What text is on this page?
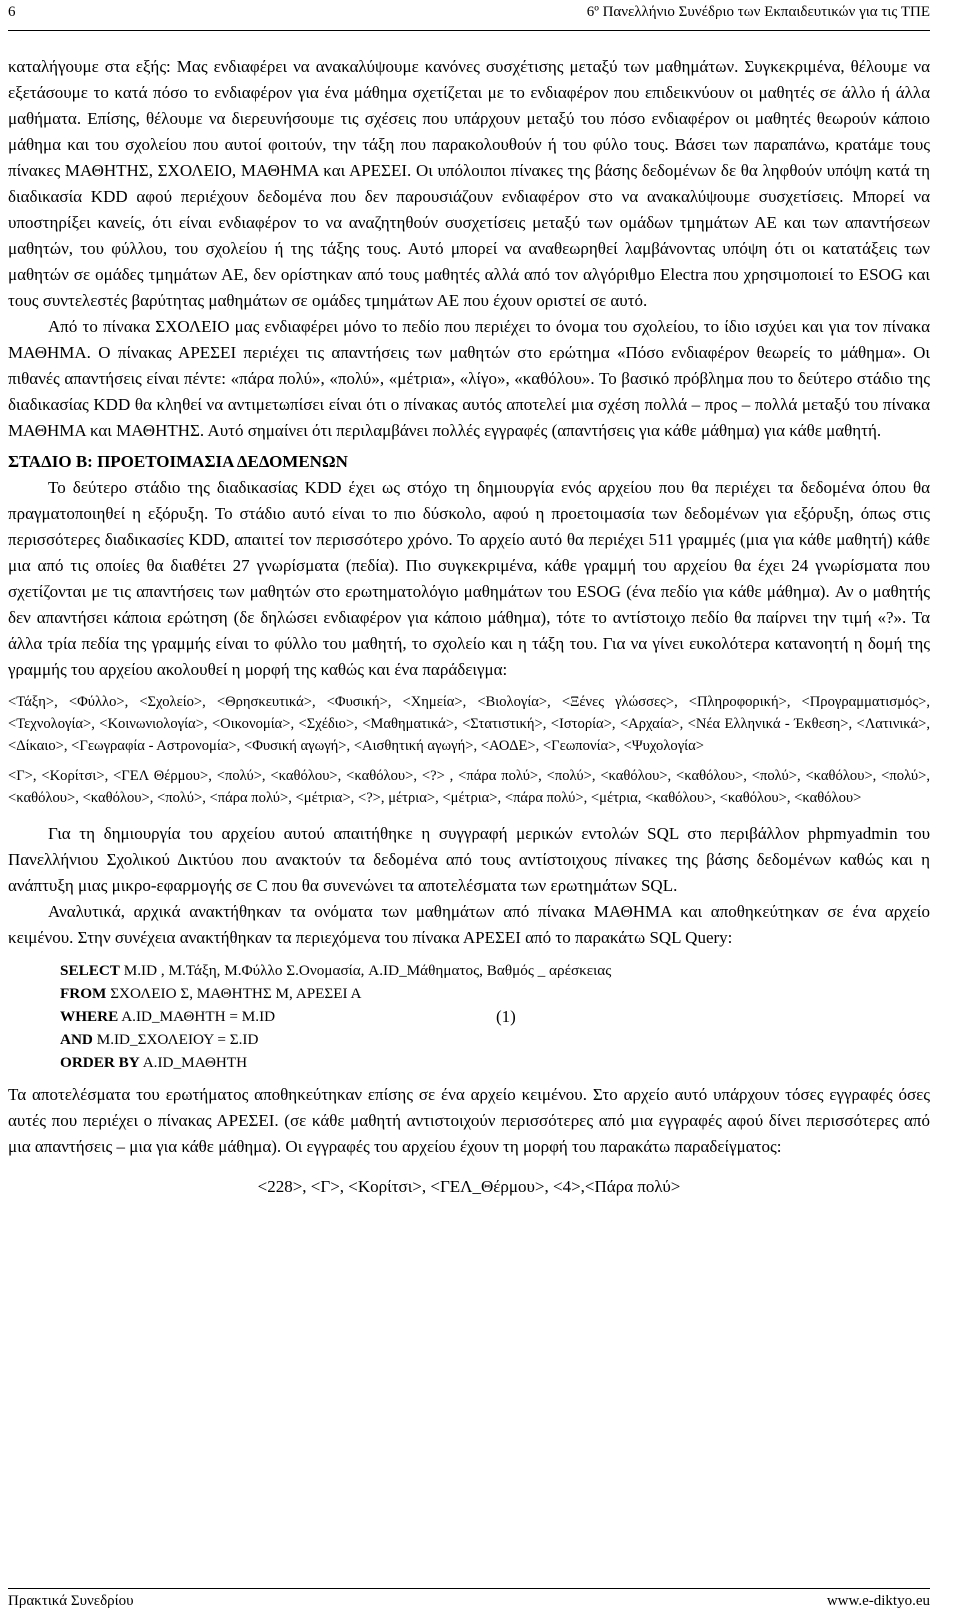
6	6º Πανελλήνιο Συνέδριο των Εκπαιδευτικών για τις ΤΠΕ

καταλήγουμε στα εξής: Μας ενδιαφέρει να ανακαλύψουμε κανόνες συσχέτισης μεταξύ των μαθημάτων. Συγκεκριμένα, θέλουμε να εξετάσουμε το κατά πόσο το ενδιαφέρον για ένα μάθημα σχετίζεται με το ενδιαφέρον που επιδεικνύουν οι μαθητές σε άλλο ή άλλα μαθήματα. Επίσης, θέλουμε να διερευνήσουμε τις σχέσεις που υπάρχουν μεταξύ του πόσο ενδιαφέρον οι μαθητές θεωρούν κάποιο μάθημα και του σχολείου που αυτοί φοιτούν, την τάξη που παρακολουθούν ή του φύλο τους. Βάσει των παραπάνω, κρατάμε τους πίνακες ΜΑΘΗΤΗΣ, ΣΧΟΛΕΙΟ, ΜΑΘΗΜΑ και ΑΡΕΣΕΙ. Οι υπόλοιποι πίνακες της βάσης δεδομένων δε θα ληφθούν υπόψη κατά τη διαδικασία KDD αφού περιέχουν δεδομένα που δεν παρουσιάζουν ενδιαφέρον στο να ανακαλύψουμε συσχετίσεις. Μπορεί να υποστηρίξει κανείς, ότι είναι ενδιαφέρον το να αναζητηθούν συσχετίσεις μεταξύ των ομάδων τμημάτων ΑΕ και των απαντήσεων μαθητών, του φύλλου, του σχολείου ή της τάξης τους. Αυτό μπορεί να αναθεωρηθεί λαμβάνοντας υπόψη ότι οι κατατάξεις των μαθητών σε ομάδες τμημάτων ΑΕ, δεν ορίστηκαν από τους μαθητές αλλά από τον αλγόριθμο Electra που χρησιμοποιεί το ESOG και τους συντελεστές βαρύτητας μαθημάτων σε ομάδες τμημάτων ΑΕ που έχουν οριστεί σε αυτό.

Από το πίνακα ΣΧΟΛΕΙΟ μας ενδιαφέρει μόνο το πεδίο που περιέχει το όνομα του σχολείου, το ίδιο ισχύει και για τον πίνακα ΜΑΘΗΜΑ. Ο πίνακας ΑΡΕΣΕΙ περιέχει τις απαντήσεις των μαθητών στο ερώτημα «Πόσο ενδιαφέρον θεωρείς το μάθημα». Οι πιθανές απαντήσεις είναι πέντε: «πάρα πολύ», «πολύ», «μέτρια», «λίγο», «καθόλου». Το βασικό πρόβλημα που το δεύτερο στάδιο της διαδικασίας KDD θα κληθεί να αντιμετωπίσει είναι ότι ο πίνακας αυτός αποτελεί μια σχέση πολλά – προς – πολλά μεταξύ του πίνακα ΜΑΘΗΜΑ και ΜΑΘΗΤΗΣ. Αυτό σημαίνει ότι περιλαμβάνει πολλές εγγραφές (απαντήσεις για κάθε μάθημα) για κάθε μαθητή.

ΣΤΑΔΙΟ Β: ΠΡΟΕΤΟΙΜΑΣΙΑ ΔΕΔΟΜΕΝΩΝ

Το δεύτερο στάδιο της διαδικασίας KDD έχει ως στόχο τη δημιουργία ενός αρχείου που θα περιέχει τα δεδομένα όπου θα πραγματοποιηθεί η εξόρυξη. Το στάδιο αυτό είναι το πιο δύσκολο, αφού η προετοιμασία των δεδομένων για εξόρυξη, όπως στις περισσότερες διαδικασίες KDD, απαιτεί τον περισσότερο χρόνο. Το αρχείο αυτό θα περιέχει 511 γραμμές (μια για κάθε μαθητή) κάθε μια από τις οποίες θα διαθέτει 27 γνωρίσματα (πεδία). Πιο συγκεκριμένα, κάθε γραμμή του αρχείου θα έχει 24 γνωρίσματα που σχετίζονται με τις απαντήσεις των μαθητών στο ερωτηματολόγιο μαθημάτων του ESOG (ένα πεδίο για κάθε μάθημα). Αν ο μαθητής δεν απαντήσει κάποια ερώτηση (δε δηλώσει ενδιαφέρον για κάποιο μάθημα), τότε το αντίστοιχο πεδίο θα παίρνει την τιμή «?». Τα άλλα τρία πεδία της γραμμής είναι το φύλλο του μαθητή, το σχολείο και η τάξη του. Για να γίνει ευκολότερα κατανοητή η δομή της γραμμής του αρχείου ακολουθεί η μορφή της καθώς και ένα παράδειγμα:

<Τάξη>, <Φύλλο>, <Σχολείο>, <Θρησκευτικά>, <Φυσική>, <Χημεία>, <Βιολογία>, <Ξένες γλώσσες>, <Πληροφορική>, <Προγραμματισμός>, <Τεχνολογία>, <Κοινωνιολογία>, <Οικονομία>, <Σχέδιο>, <Μαθηματικά>, <Στατιστική>, <Ιστορία>, <Αρχαία>, <Νέα Ελληνικά - Έκθεση>, <Λατινικά>, <Δίκαιο>, <Γεωγραφία - Αστρονομία>, <Φυσική αγωγή>, <Αισθητική αγωγή>, <ΑΟΔΕ>, <Γεωπονία>, <Ψυχολογία>
<Γ>, <Κορίτσι>, <ΓΕΛ Θέρμου>, <πολύ>, <καθόλου>, <καθόλου>, <?> , <πάρα πολύ>, <πολύ>, <καθόλου>, <καθόλου>, <πολύ>, <καθόλου>, <πολύ>, <καθόλου>, <καθόλου>, <πολύ>, <πάρα πολύ>, <μέτρια>, <?>, μέτρια>, <μέτρια>, <πάρα πολύ>, <μέτρια, <καθόλου>, <καθόλου>, <καθόλου>

Για τη δημιουργία του αρχείου αυτού απαιτήθηκε η συγγραφή μερικών εντολών SQL στο περιβάλλον phpmyadmin του Πανελλήνιου Σχολικού Δικτύου που ανακτούν τα δεδομένα από τους αντίστοιχους πίνακες της βάσης δεδομένων καθώς και η ανάπτυξη μιας μικρο-εφαρμογής σε C που θα συνενώνει τα αποτελέσματα των ερωτημάτων SQL.

Αναλυτικά, αρχικά ανακτήθηκαν τα ονόματα των μαθημάτων από πίνακα ΜΑΘΗΜΑ και αποθηκεύτηκαν σε ένα αρχείο κειμένου. Στην συνέχεια ανακτήθηκαν τα περιεχόμενα του πίνακα ΑΡΕΣΕΙ από το παρακάτω SQL Query:

SELECT M.ID , M.Τάξη, M.Φύλλο Σ.Ονομασία, A.ID_Μάθηματος, Βαθμός _ αρέσκειας
FROM ΣΧΟΛΕΙΟ Σ, ΜΑΘΗΤΗΣ Μ, ΑΡΕΣΕΙ Α
WHERE A.ID_ΜΑΘΗΤΗ = M.ID
AND M.ID_ΣΧΟΛΕΙΟΥ = Σ.ID
ORDER BY A.ID_ΜΑΘΗΤΗ
(1)

Τα αποτελέσματα του ερωτήματος αποθηκεύτηκαν επίσης σε ένα αρχείο κειμένου. Στο αρχείο αυτό υπάρχουν τόσες εγγραφές όσες αυτές που περιέχει ο πίνακας ΑΡΕΣΕΙ. (σε κάθε μαθητή αντιστοιχούν περισσότερες από μια εγγραφές αφού δίνει περισσότερες από μια απαντήσεις – μια για κάθε μάθημα). Οι εγγραφές του αρχείου έχουν τη μορφή του παρακάτω παραδείγματος:

<228>, <Γ>, <Κορίτσι>, <ΓΕΛ_Θέρμου>, <4>,<Πάρα πολύ>
Πρακτικά Συνεδρίου	www.e-diktyo.eu
